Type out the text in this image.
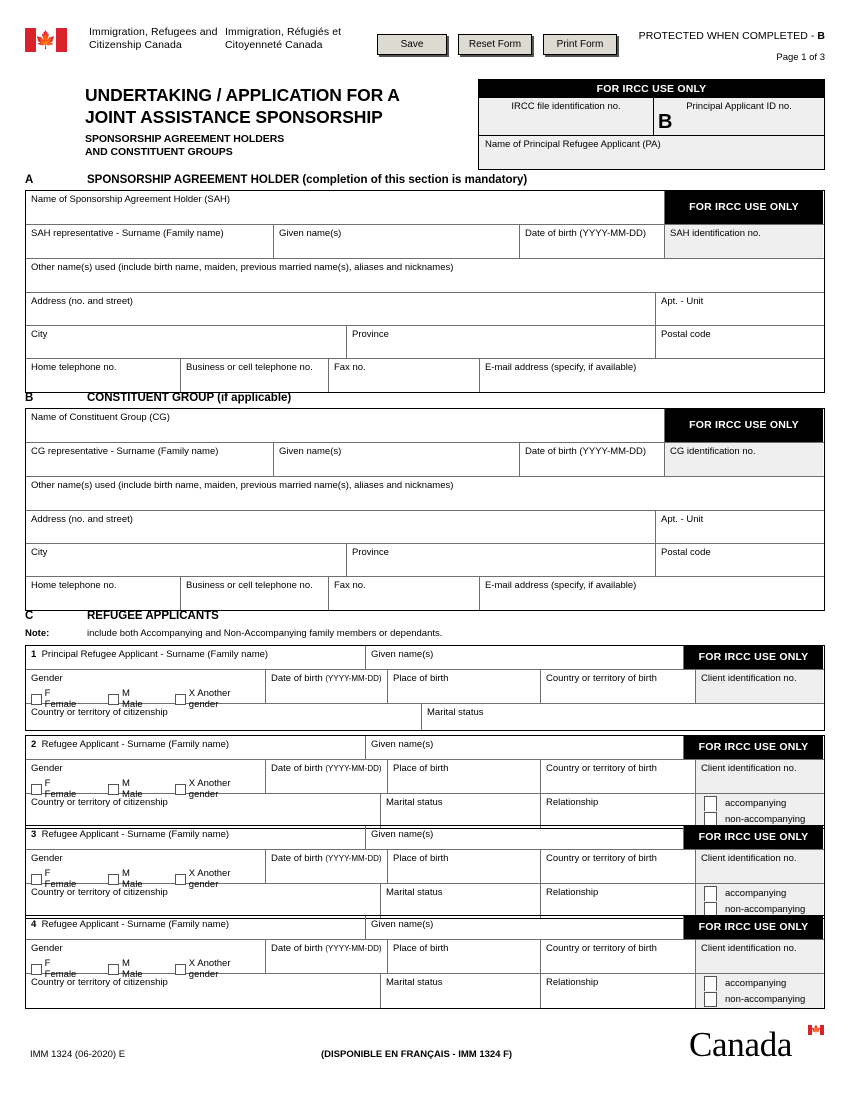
🍁	Immigration, Refugees and Citizenship Canada
Immigration, Réfugiés et Citoyenneté Canada	Save	Reset Form	Print Form
PROTECTED WHEN COMPLETED - B
Page 1 of 3
UNDERTAKING / APPLICATION FOR A
JOINT ASSISTANCE SPONSORSHIP
SPONSORSHIP AGREEMENT HOLDERS
AND CONSTITUENT GROUPS
FOR IRCC USE ONLY
IRCC file identification no.	Principal Applicant ID no.
B
Name of Principal Refugee Applicant (PA)
A	SPONSORSHIP AGREEMENT HOLDER (completion of this section is mandatory)
Name of Sponsorship Agreement Holder (SAH)
FOR IRCC USE ONLY
SAH representative - Surname (Family name)	Given name(s)	Date of birth (YYYY-MM-DD)	SAH identification no.
Other name(s) used (include birth name, maiden, previous married name(s), aliases and nicknames)
Address (no. and street)	Apt. - Unit
City	Province	Postal code
Home telephone no.	Business or cell telephone no.	Fax no.	E-mail address (specify, if available)
B	CONSTITUENT GROUP (if applicable)
Name of Constituent Group (CG)
FOR IRCC USE ONLY
CG representative - Surname (Family name)	Given name(s)	Date of birth (YYYY-MM-DD)	CG identification no.
Other name(s) used (include birth name, maiden, previous married name(s), aliases and nicknames)
Address (no. and street)	Apt. - Unit
City	Province	Postal code
Home telephone no.	Business or cell telephone no.	Fax no.	E-mail address (specify, if available)
C	REFUGEE APPLICANTS
Note:	include both Accompanying and Non-Accompanying family members or dependants.
1 Principal Refugee Applicant - Surname (Family name)	Given name(s)	FOR IRCC USE ONLY
Gender
F Female
M Male
X Another gender
Date of birth (YYYY-MM-DD)	Place of birth	Country or territory of birth	Client identification no.
Country or territory of citizenship	Marital status
2 Refugee Applicant - Surname (Family name)	Given name(s)	FOR IRCC USE ONLY
Gender
F Female
M Male
X Another gender
Date of birth (YYYY-MM-DD)	Place of birth	Country or territory of birth	Client identification no.
Country or territory of citizenship	Marital status	Relationship	accompanying
non-accompanying
3 Refugee Applicant - Surname (Family name)	Given name(s)	FOR IRCC USE ONLY
Gender
F Female
M Male
X Another gender
Date of birth (YYYY-MM-DD)	Place of birth	Country or territory of birth	Client identification no.
Country or territory of citizenship	Marital status	Relationship	accompanying
non-accompanying
4 Refugee Applicant - Surname (Family name)	Given name(s)	FOR IRCC USE ONLY
Gender
F Female
M Male
X Another gender
Date of birth (YYYY-MM-DD)	Place of birth	Country or territory of birth	Client identification no.
Country or territory of citizenship	Marital status	Relationship	accompanying
non-accompanying
IMM 1324 (06-2020) E	(DISPONIBLE EN FRANÇAIS - IMM 1324 F)	Canada 🍁
